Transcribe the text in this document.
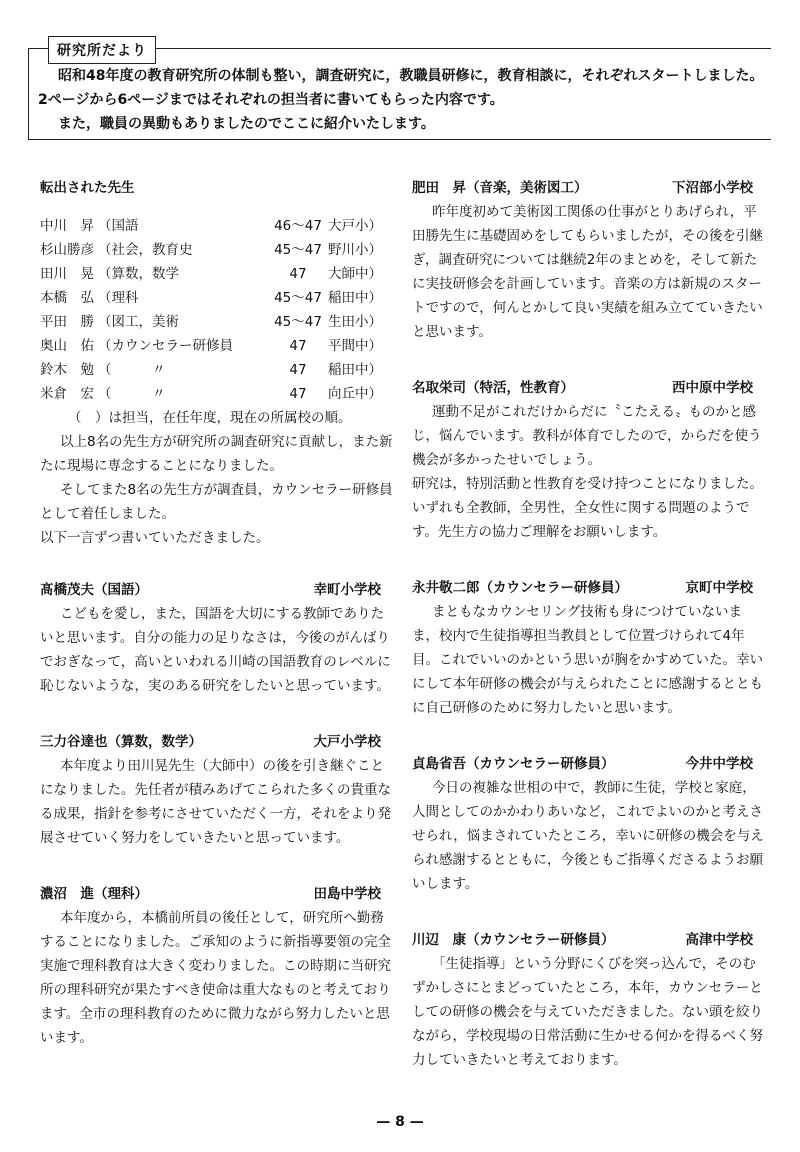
研究所だより

昭和48年度の教育研究所の体制も整い，調査研究に，教職員研修に，教育相談に，それぞれスタートしました。2ページから6ページまではそれぞれの担当者に書いてもらった内容です。

また，職員の異動もありましたのでここに紹介いたします。

転出された先生

中川　昇	（国語	46～47	大戸小）
杉山勝彦	（社会，教育史	45～47	野川小）
田川　晃	（算数，数学	47	大師中）
本橋　弘	（理科	45～47	稲田中）
平田　勝	（図工，美術	45～47	生田小）
奥山　佑	（カウンセラー研修員	47	平間中）
鈴木　勉	（　　　〃	47	稲田中）
米倉　宏	（　　　〃	47	向丘中）

（　）は担当，在任年度，現在の所属校の順。

以上8名の先生方が研究所の調査研究に貢献し，また新たに現場に専念することになりました。

そしてまた8名の先生方が調査員，カウンセラー研修員として着任しました。

以下一言ずつ書いていただきました。

髙橋茂夫（国語）	幸町小学校

こどもを愛し，また，国語を大切にする教師でありたいと思います。自分の能力の足りなさは，今後のがんばりでおぎなって，高いといわれる川崎の国語教育のレベルに恥じないような，実のある研究をしたいと思っています。

三力谷達也（算数，数学）	大戸小学校

本年度より田川晃先生（大師中）の後を引き継ぐことになりました。先任者が積みあげてこられた多くの貴重なる成果，指針を参考にさせていただく一方，それをより発展させていく努力をしていきたいと思っています。

濃沼　進（理科）	田島中学校

本年度から，本橋前所員の後任として，研究所へ勤務することになりました。ご承知のように新指導要領の完全実施で理科教育は大きく変わりました。この時期に当研究所の理科研究が果たすべき使命は重大なものと考えております。全市の理科教育のために微力ながら努力したいと思います。

肥田　昇（音楽，美術図工）	下沼部小学校

昨年度初めて美術図工関係の仕事がとりあげられ，平田勝先生に基礎固めをしてもらいましたが，その後を引継ぎ，調査研究については継続2年のまとめを，そして新たに実技研修会を計画しています。音楽の方は新規のスタートですので，何んとかして良い実績を組み立てていきたいと思います。

名取栄司（特活，性教育）	西中原中学校

運動不足がこれだけからだに〝こたえる〟ものかと感じ，悩んでいます。教科が体育でしたので，からだを使う機会が多かったせいでしょう。

研究は，特別活動と性教育を受け持つことになりました。いずれも全教師，全男性，全女性に関する問題のようです。先生方の協力ご理解をお願いします。

永井敬二郎（カウンセラー研修員）	京町中学校

まともなカウンセリング技術も身につけていないまま，校内で生徒指導担当教員として位置づけられて4年目。これでいいのかという思いが胸をかすめていた。幸いにして本年研修の機会が与えられたことに感謝するとともに自己研修のために努力したいと思います。

貞島省吾（カウンセラー研修員）	今井中学校

今日の複雑な世相の中で，教師に生徒，学校と家庭，人間としてのかかわりあいなど，これでよいのかと考えさせられ，悩まされていたところ，幸いに研修の機会を与えられ感謝するとともに，今後ともご指導くださるようお願いします。

川辺　康（カウンセラー研修員）	高津中学校

「生徒指導」という分野にくびを突っ込んで，そのむずかしさにとまどっていたところ，本年，カウンセラーとしての研修の機会を与えていただきました。ない頭を絞りながら，学校現場の日常活動に生かせる何かを得るべく努力していきたいと考えております。

— 8 —
